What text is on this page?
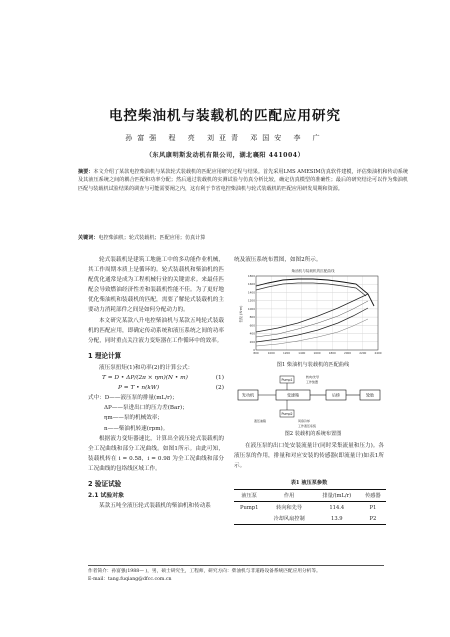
电控柴油机与装载机的匹配应用研究
孙富强 程 亮 刘亚青 邓国安 李 广
（东风康明斯发动机有限公司，湖北襄阳 441004）
摘要：本文介绍了某款电控柴油机与某款轮式装载机的匹配应用研究过程与结果。首先采用LMS AMESIM仿真软件建模，评估柴油机和传动系统及其液压系统之间的耦合匹配和功率分配；然后通过装载机的实测试验与仿真分析比较，确定仿真模型的准确性；最后的研究结论可以作为柴油机匹配与装载机试验结果的调查与可能需要阐之内，这有利于节省电控柴油机与轮式装载机的匹配应用研发周期和资源。
关键词：电控柴油机；轮式装载机；匹配应用；仿真计算
轮式装载机是建筑工地施工中的多功能作业机械，其工作周期本质上是循环的。轮式装载机和柴油机的匹配优化通常是成为工程机械行业的关键需求。来最佳匹配会导致燃油经济性差和装载机性能不佳。为了更好地优化柴油机和装载机的匹配，需要了解轮式装载机的主要动力消耗部件之间是如何分配动力的。
本文研究某款八升电控柴油机与某款五吨轮式装载机的匹配应用，即确定传动系统和液压系统之间的功率分配，同时重点关注液力变矩器在工作循环中的效率。
1 理论计算
液压泵扭矩(1)和功率(2)的计算公式：
T = D • ΔP/(2π × ηm)(N • m)	(1)
P = T • n(kW)	(2)
式中：D——液压泵的排量(mL/r)；
ΔP——泵进出口的压力差(Bar)；
ηm——泵的机械效率；
n——柴油机转速(rpm)。
根据液力变矩器速比，计算出全液压轮式装载机的全工况曲线和部分工况曲线。如图1所示。由此可知，装载机转在 i = 0.58，i = 0.98 为全工况曲线和部分工况曲线的包络线区域工作。
2 验证试验
2.1 试验对象
某款五吨全液压轮式装载机的柴油机和传动系
统及液压系统布置图，如图2所示。
柴油机与装载机的匹配曲线
1800
1600
1400
1200
1000
800
600
400
200
0
800	1000	1200	1400	1600	1800	2000	2200	2400
扭矩 (N·m)
图1 柴油机与装载机的匹配曲线
发动机	变速箱	后桥	轮胎
Pump1
转向/先导
工作装置
Pump2
液压油箱	风扇冷却
工作液压系统
图2 装载机的系统布置图
在液压泵的出口处安装流量计(同时采集流量和压力)。各液压泵的作用，排量和对应安装的传感器(即流量计)如表1所示。
表1 液压泵参数
液压泵	作用	排量/(mL/r)	传感器
Pump1	转向和先导	114.4	P1
	冷却风扇控制	13.9	P2
作者简介：孙富强(1988— )，男，硕士研究生，工程师，研究方向：柴油机与非道路设备系统匹配应用分析等。
E-mail：tang.fuqiang@dfcc.com.cn
